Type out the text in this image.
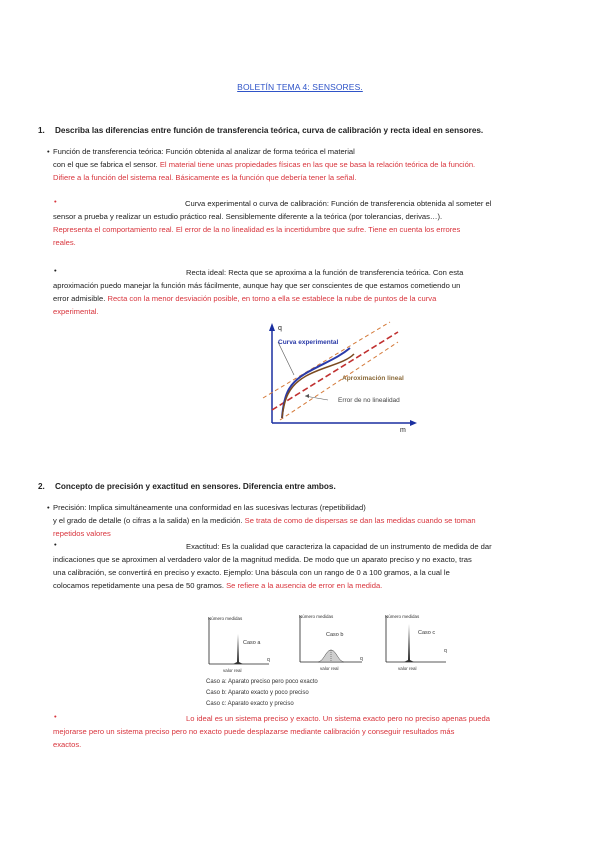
BOLETÍN TEMA 4: SENSORES.
1. Describa las diferencias entre función de transferencia teórica, curva de calibración y recta ideal en sensores.
• Función de transferencia teórica: Función obtenida al analizar de forma teórica el material
con el que se fabrica el sensor. El material tiene unas propiedades físicas en las que se basa la relación teórica de la función.
Difiere a la función del sistema real. Básicamente es la función que debería tener la señal.
•	Curva experimental o curva de calibración: Función de transferencia obtenida al someter el
sensor a prueba y realizar un estudio práctico real. Sensiblemente diferente a la teórica (por tolerancias, derivas…).
Representa el comportamiento real. El error de la no linealidad es la incertidumbre que sufre. Tiene en cuenta los errores
reales.
•	Recta ideal: Recta que se aproxima a la función de transferencia teórica. Con esta
aproximación puedo manejar la función más fácilmente, aunque hay que ser conscientes de que estamos cometiendo un
error admisible. Recta con la menor desviación posible, en torno a ella se establece la nube de puntos de la curva
experimental.
q
m
Curva experimental
Aproximación lineal
Error de no linealidad
2. Concepto de precisión y exactitud en sensores. Diferencia entre ambos.
• Precisión: Implica simultáneamente una conformidad en las sucesivas lecturas (repetibilidad)
y el grado de detalle (o cifras a la salida) en la medición. Se trata de como de dispersas se dan las medidas cuando se toman
repetidos valores
•	Exactitud: Es la cualidad que caracteriza la capacidad de un instrumento de medida de dar
indicaciones que se aproximen al verdadero valor de la magnitud medida. De modo que un aparato preciso y no exacto, tras
una calibración, se convertirá en preciso y exacto. Ejemplo: Una báscula con un rango de 0 a 100 gramos, a la cual le
colocamos repetidamente una pesa de 50 gramos. Se refiere a la ausencia de error en la medida.
Número medidas
Caso a
q
valor real
Número medidas
Caso b
q
valor real
Número medidas
Caso c
q
valor real
Caso a: Aparato preciso pero poco exacto
Caso b: Aparato exacto y poco preciso
Caso c: Aparato exacto y preciso
•	Lo ideal es un sistema preciso y exacto. Un sistema exacto pero no preciso apenas pueda
mejorarse pero un sistema preciso pero no exacto puede desplazarse mediante calibración y conseguir resultados más
exactos.
